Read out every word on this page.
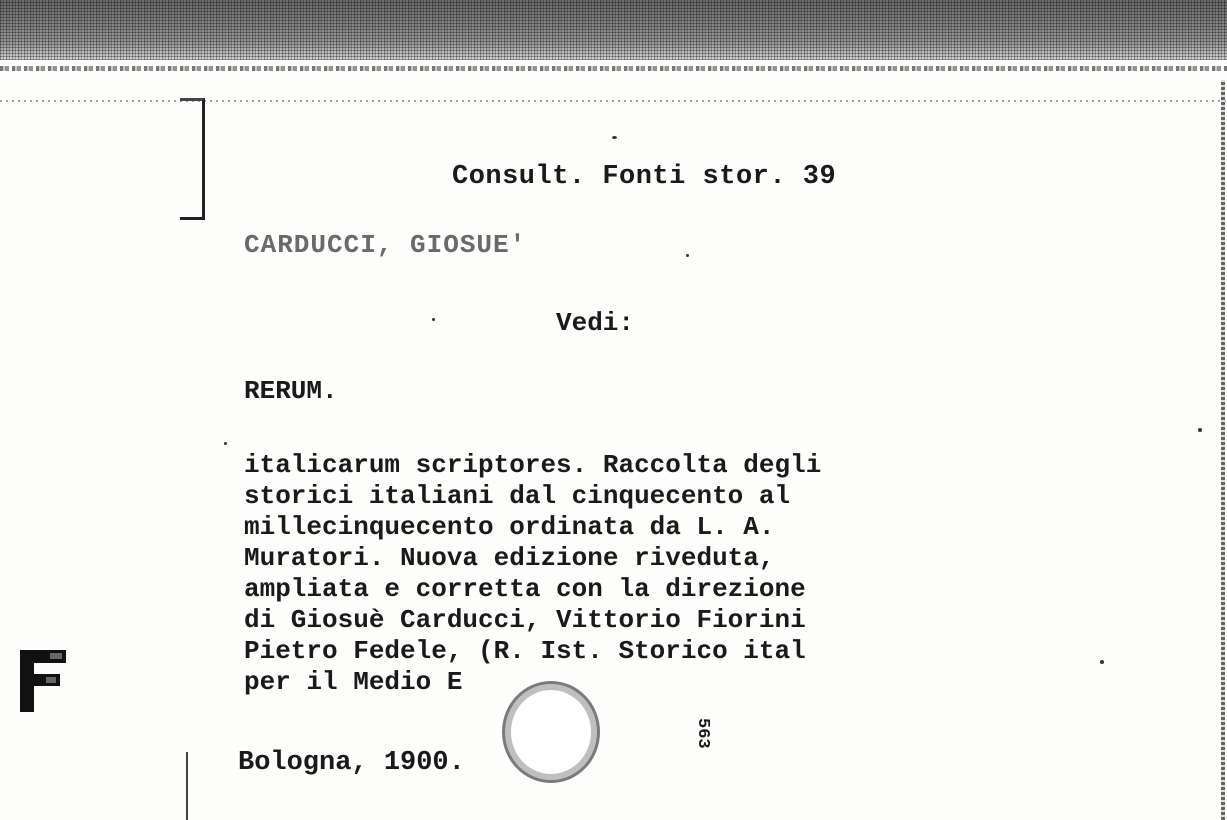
Consult. Fonti stor. 39
CARDUCCI, GIOSUE'
Vedi:
RERUM.
italicarum scriptores. Raccolta degli
storici italiani dal cinquecento al
millecinquecento ordinata da L. A.
Muratori. Nuova edizione riveduta,
ampliata e corretta con la direzione
di Giosuè Carducci, Vittorio Fiorini
Pietro Fedele, (R. Ist. Storico ital
per il Medio E
Bologna, 1900.
563
